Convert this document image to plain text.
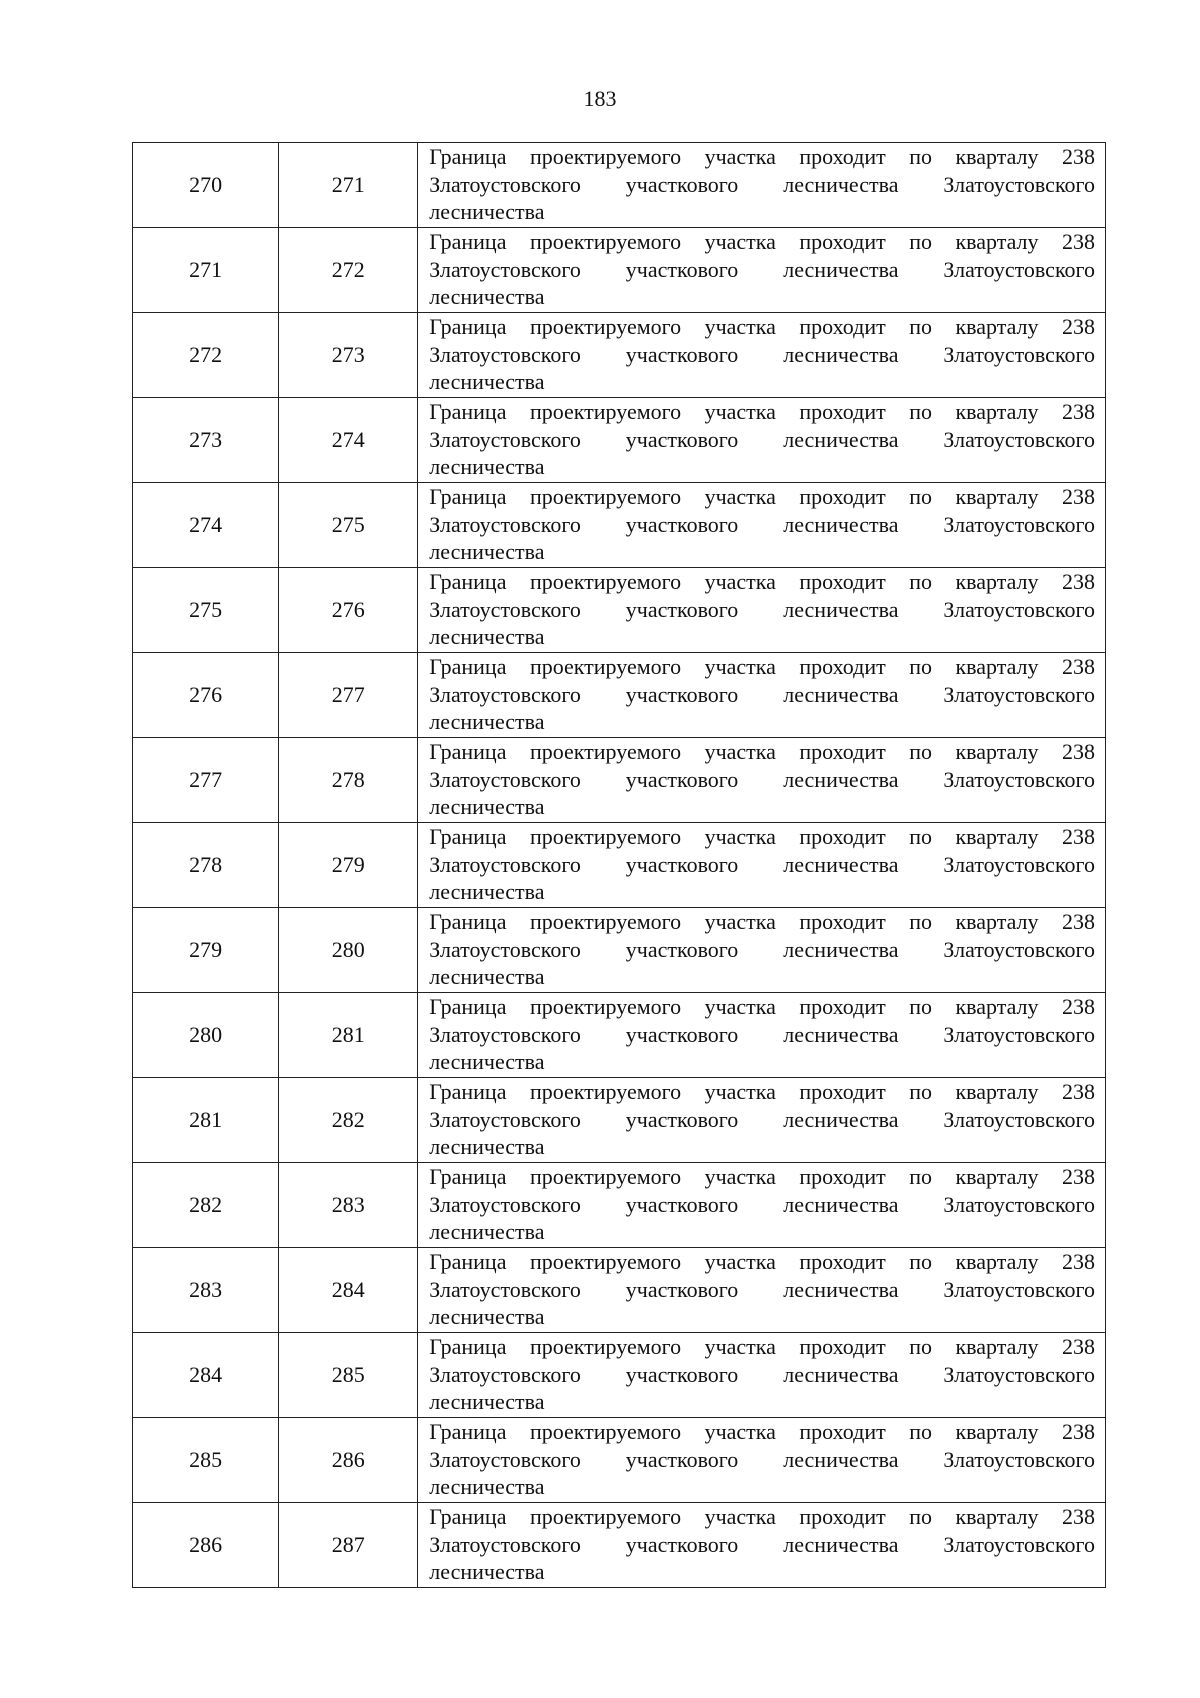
183
270	271	Граница проектируемого участка проходит по кварталу 238 Златоустовского участкового лесничества Златоустовского лесничества

271	272	Граница проектируемого участка проходит по кварталу 238 Златоустовского участкового лесничества Златоустовского лесничества

272	273	Граница проектируемого участка проходит по кварталу 238 Златоустовского участкового лесничества Златоустовского лесничества

273	274	Граница проектируемого участка проходит по кварталу 238 Златоустовского участкового лесничества Златоустовского лесничества

274	275	Граница проектируемого участка проходит по кварталу 238 Златоустовского участкового лесничества Златоустовского лесничества

275	276	Граница проектируемого участка проходит по кварталу 238 Златоустовского участкового лесничества Златоустовского лесничества

276	277	Граница проектируемого участка проходит по кварталу 238 Златоустовского участкового лесничества Златоустовского лесничества

277	278	Граница проектируемого участка проходит по кварталу 238 Златоустовского участкового лесничества Златоустовского лесничества

278	279	Граница проектируемого участка проходит по кварталу 238 Златоустовского участкового лесничества Златоустовского лесничества

279	280	Граница проектируемого участка проходит по кварталу 238 Златоустовского участкового лесничества Златоустовского лесничества

280	281	Граница проектируемого участка проходит по кварталу 238 Златоустовского участкового лесничества Златоустовского лесничества

281	282	Граница проектируемого участка проходит по кварталу 238 Златоустовского участкового лесничества Златоустовского лесничества

282	283	Граница проектируемого участка проходит по кварталу 238 Златоустовского участкового лесничества Златоустовского лесничества

283	284	Граница проектируемого участка проходит по кварталу 238 Златоустовского участкового лесничества Златоустовского лесничества

284	285	Граница проектируемого участка проходит по кварталу 238 Златоустовского участкового лесничества Златоустовского лесничества

285	286	Граница проектируемого участка проходит по кварталу 238 Златоустовского участкового лесничества Златоустовского лесничества

286	287	Граница проектируемого участка проходит по кварталу 238 Златоустовского участкового лесничества Златоустовского лесничества
